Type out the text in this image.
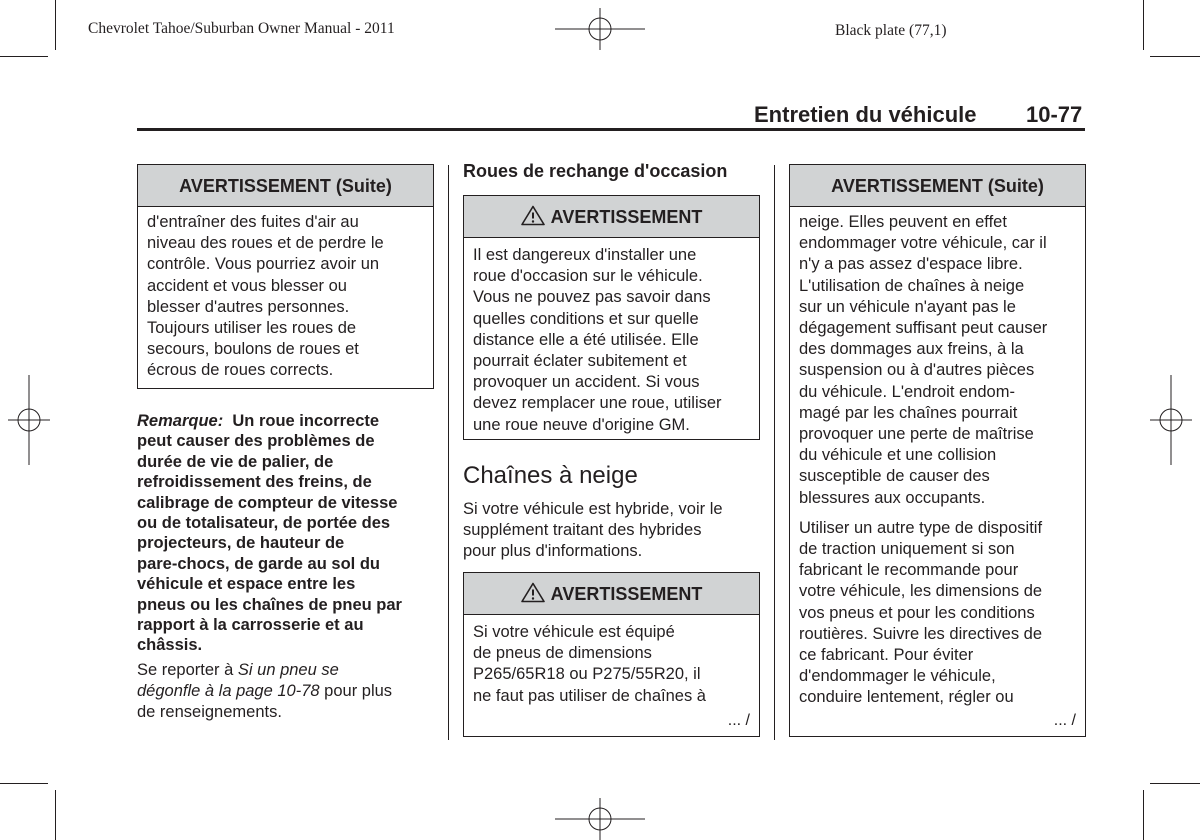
Chevrolet Tahoe/Suburban Owner Manual - 2011	Black plate (77,1)
Entretien du véhicule 10-77
AVERTISSEMENT (Suite)
d'entraîner des fuites d'air au
niveau des roues et de perdre le
contrôle. Vous pourriez avoir un
accident et vous blesser ou
blesser d'autres personnes.
Toujours utiliser les roues de
secours, boulons de roues et
écrous de roues corrects.
Remarque: Un roue incorrecte
peut causer des problèmes de
durée de vie de palier, de
refroidissement des freins, de
calibrage de compteur de vitesse
ou de totalisateur, de portée des
projecteurs, de hauteur de
pare-chocs, de garde au sol du
véhicule et espace entre les
pneus ou les chaînes de pneu par
rapport à la carrosserie et au
châssis.
Se reporter à Si un pneu se
dégonfle à la page 10-78 pour plus
de renseignements.
Roues de rechange d'occasion
AVERTISSEMENT
Il est dangereux d'installer une
roue d'occasion sur le véhicule.
Vous ne pouvez pas savoir dans
quelles conditions et sur quelle
distance elle a été utilisée. Elle
pourrait éclater subitement et
provoquer un accident. Si vous
devez remplacer une roue, utiliser
une roue neuve d'origine GM.
Chaînes à neige
Si votre véhicule est hybride, voir le
supplément traitant des hybrides
pour plus d'informations.
AVERTISSEMENT
Si votre véhicule est équipé
de pneus de dimensions
P265/65R18 ou P275/55R20, il
ne faut pas utiliser de chaînes à
... /
AVERTISSEMENT (Suite)
neige. Elles peuvent en effet
endommager votre véhicule, car il
n'y a pas assez d'espace libre.
L'utilisation de chaînes à neige
sur un véhicule n'ayant pas le
dégagement suffisant peut causer
des dommages aux freins, à la
suspension ou à d'autres pièces
du véhicule. L'endroit endom-
magé par les chaînes pourrait
provoquer une perte de maîtrise
du véhicule et une collision
susceptible de causer des
blessures aux occupants.
Utiliser un autre type de dispositif
de traction uniquement si son
fabricant le recommande pour
votre véhicule, les dimensions de
vos pneus et pour les conditions
routières. Suivre les directives de
ce fabricant. Pour éviter
d'endommager le véhicule,
conduire lentement, régler ou
... /
